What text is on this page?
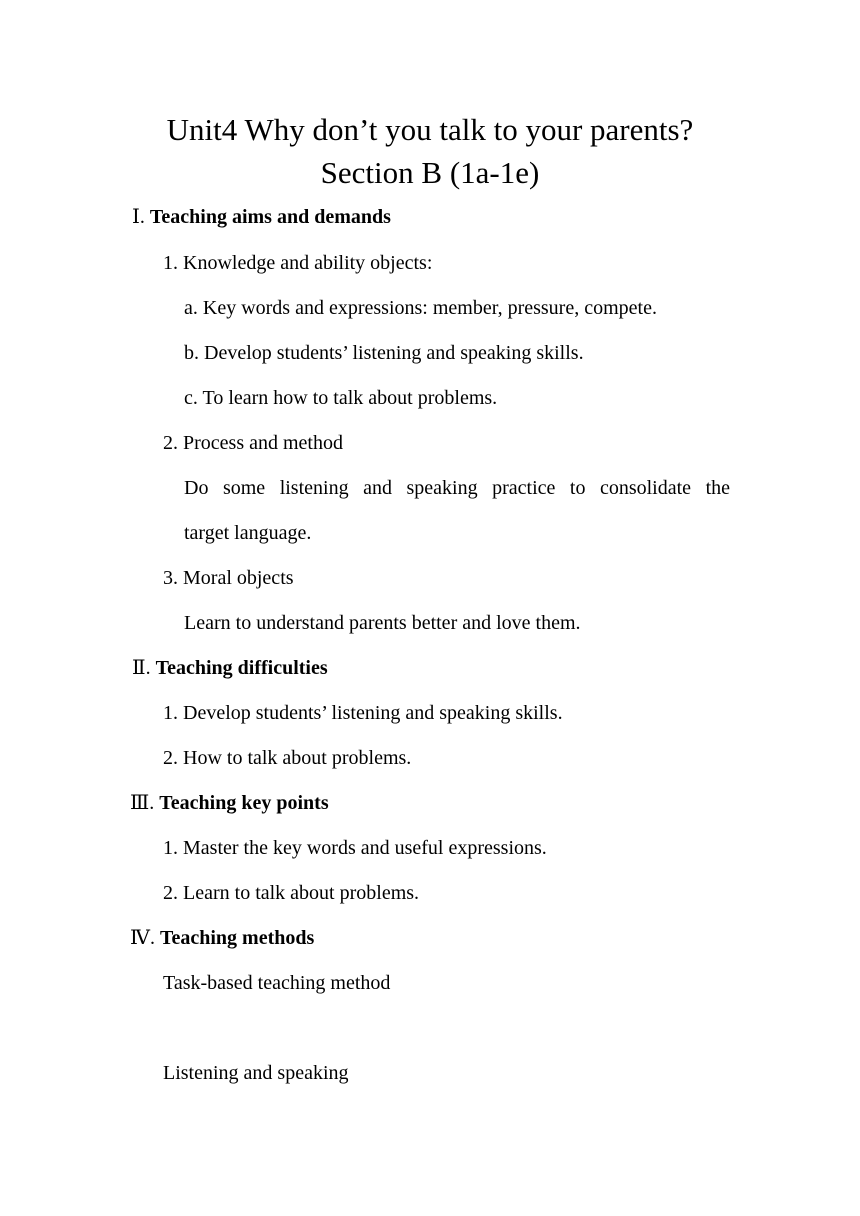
Unit4 Why don’t you talk to your parents?
Section B (1a-1e)
Ⅰ. Teaching aims and demands
1. Knowledge and ability objects:
a. Key words and expressions: member, pressure, compete.
b. Develop students’ listening and speaking skills.
c. To learn how to talk about problems.
2. Process and method
Do some listening and speaking practice to consolidate the
target language.
3. Moral objects
Learn to understand parents better and love them.
Ⅱ. Teaching difficulties
1. Develop students’ listening and speaking skills.
2. How to talk about problems.
Ⅲ. Teaching key points
1. Master the key words and useful expressions.
2. Learn to talk about problems.
Ⅳ. Teaching methods
Task-based teaching method
Listening and speaking
